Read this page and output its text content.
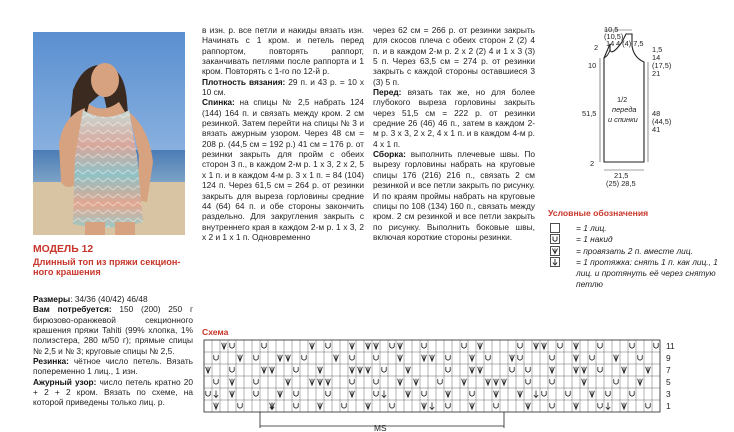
МОДЕЛЬ 12
Длинный топ из пряжи секцион-
ного крашения

Размеры: 34/36 (40/42) 46/48

Вам потребуется: 150 (200) 250 г бирюзово-оранжевой секционного крашения пряжи Tahiti (99% хлопка, 1% полиэстера, 280 м/50 г); прямые спицы № 2,5 и № 3; круговые спицы № 2,5.

Резинка: чётное число петель. Вязать попеременно 1 лиц., 1 изн.

Ажурный узор: число петель кратно 20 + 2 + 2 кром. Вязать по схеме, на которой приведены только лиц. р.

в изн. р. все петли и накиды вязать изн. Начинать с 1 кром. и петель перед раппортом, повторять раппорт, заканчивать петлями после раппорта и 1 кром. Повторять с 1-го по 12-й р.

Плотность вязания: 29 п. и 43 р. = 10 х 10 см.

Спинка: на спицы № 2,5 набрать 124 (144) 164 п. и связать между кром. 2 см резинкой. Затем перейти на спицы № 3 и вязать ажурным узором. Через 48 см = 208 р. (44,5 см = 192 р.) 41 см = 176 р. от резинки закрыть для пройм с обеих сторон 3 п., в каждом 2-м р. 1 х 3, 2 х 2, 5 х 1 п. и в каждом 4-м р. 3 х 1 п. = 84 (104) 124 п. Через 61,5 см = 264 р. от резинки закрыть для выреза горловины средние 44 (64) 64 п. и обе стороны закончить раздельно. Для закругления закрыть с внутреннего края в каждом 2-м р. 1 х 3, 2 х 2 и 1 х 1 п. Одновременно

через 62 см = 266 р. от резинки закрыть для скосов плеча с обеих сторон 2 (2) 4 п. и в каждом 2-м р. 2 х 2 (2) 4 и 1 х 3 (3) 5 п. Через 63,5 см = 274 р. от резинки закрыть с каждой стороны оставшиеся 3 (3) 5 п.

Перед: вязать так же, но для более глубокого выреза горловины закрыть через 51,5 см = 222 р. от резинки средние 26 (46) 46 п., затем в каждом 2-м р. 3 х 3, 2 х 2, 4 х 1 п. и в каждом 4-м р. 4 х 1 п.

Сборка: выполнить плечевые швы. По вырезу горловины набрать на круговые спицы 176 (216) 216 п., связать 2 см резинкой и все петли закрыть по рисунку. И по краям проймы набрать на круговые спицы по 108 (134) 160 п., связать между кром. 2 см резинкой и все петли закрыть по рисунку. Выполнить боковые швы, включая короткие стороны резинки.

10,5
(10,5)
14 4 (4) 7,5
2
10
51,5
1,5
14
(17,5)
21
48
(44,5)
41
2
1/2
переда
и спинки
21,5
(25) 28,5
Условные обозначения
= 1 лиц.
= 1 накид
= провязать 2 п. вместе лиц.
= 1 протяжка: снять 1 п. как лиц., 1 лиц. и протянуть её через снятую петлю
Схема
11
9
7
5
3
1
MS
